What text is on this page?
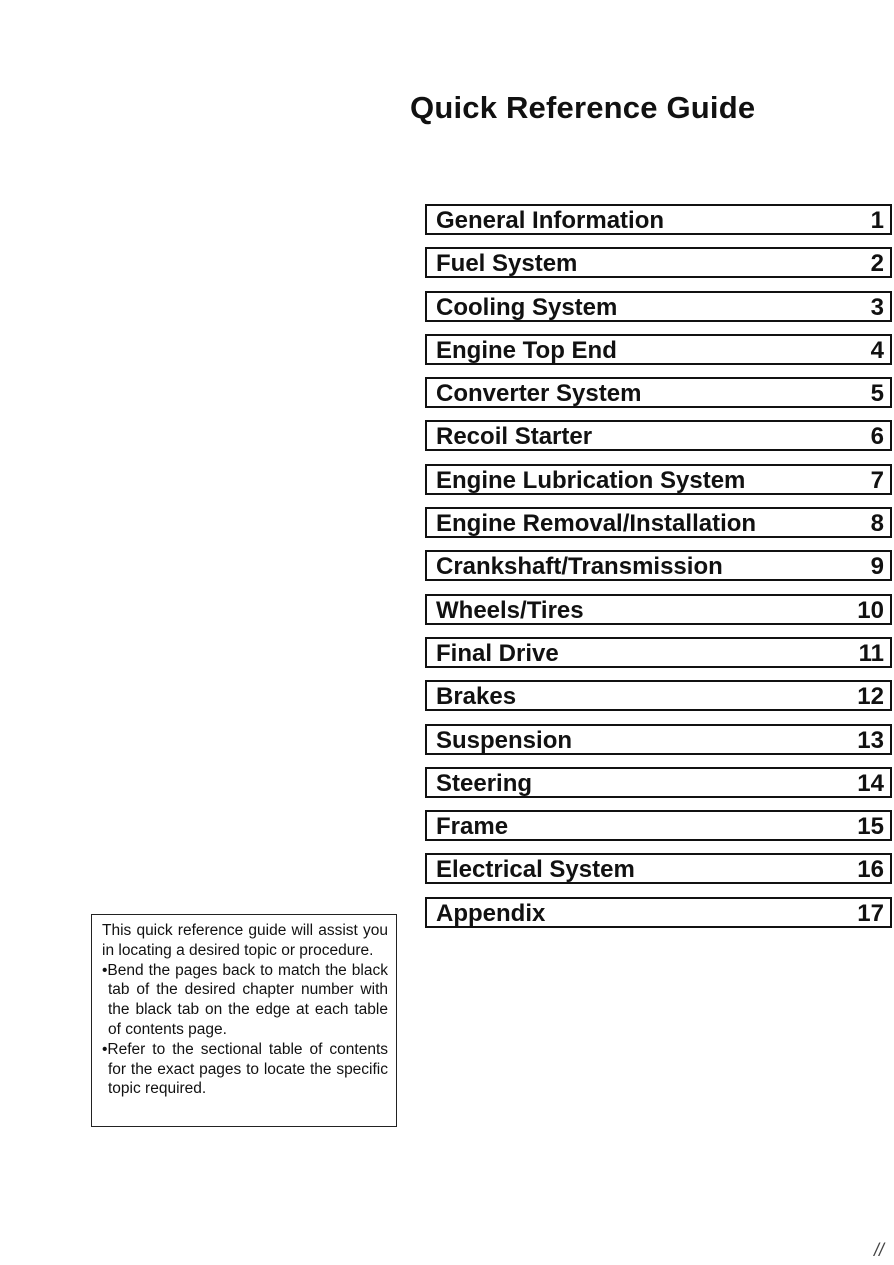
Quick Reference Guide
General Information	1
Fuel System	2
Cooling System	3
Engine Top End	4
Converter System	5
Recoil Starter	6
Engine Lubrication System	7
Engine Removal/Installation	8
Crankshaft/Transmission	9
Wheels/Tires	10
Final Drive	11
Brakes	12
Suspension	13
Steering	14
Frame	15
Electrical System	16
Appendix	17

This quick reference guide will assist you in locating a desired topic or procedure.

•Bend the pages back to match the black tab of the desired chapter number with the black tab on the edge at each table of contents page.

•Refer to the sectional table of contents for the exact pages to locate the specific topic required.

//
